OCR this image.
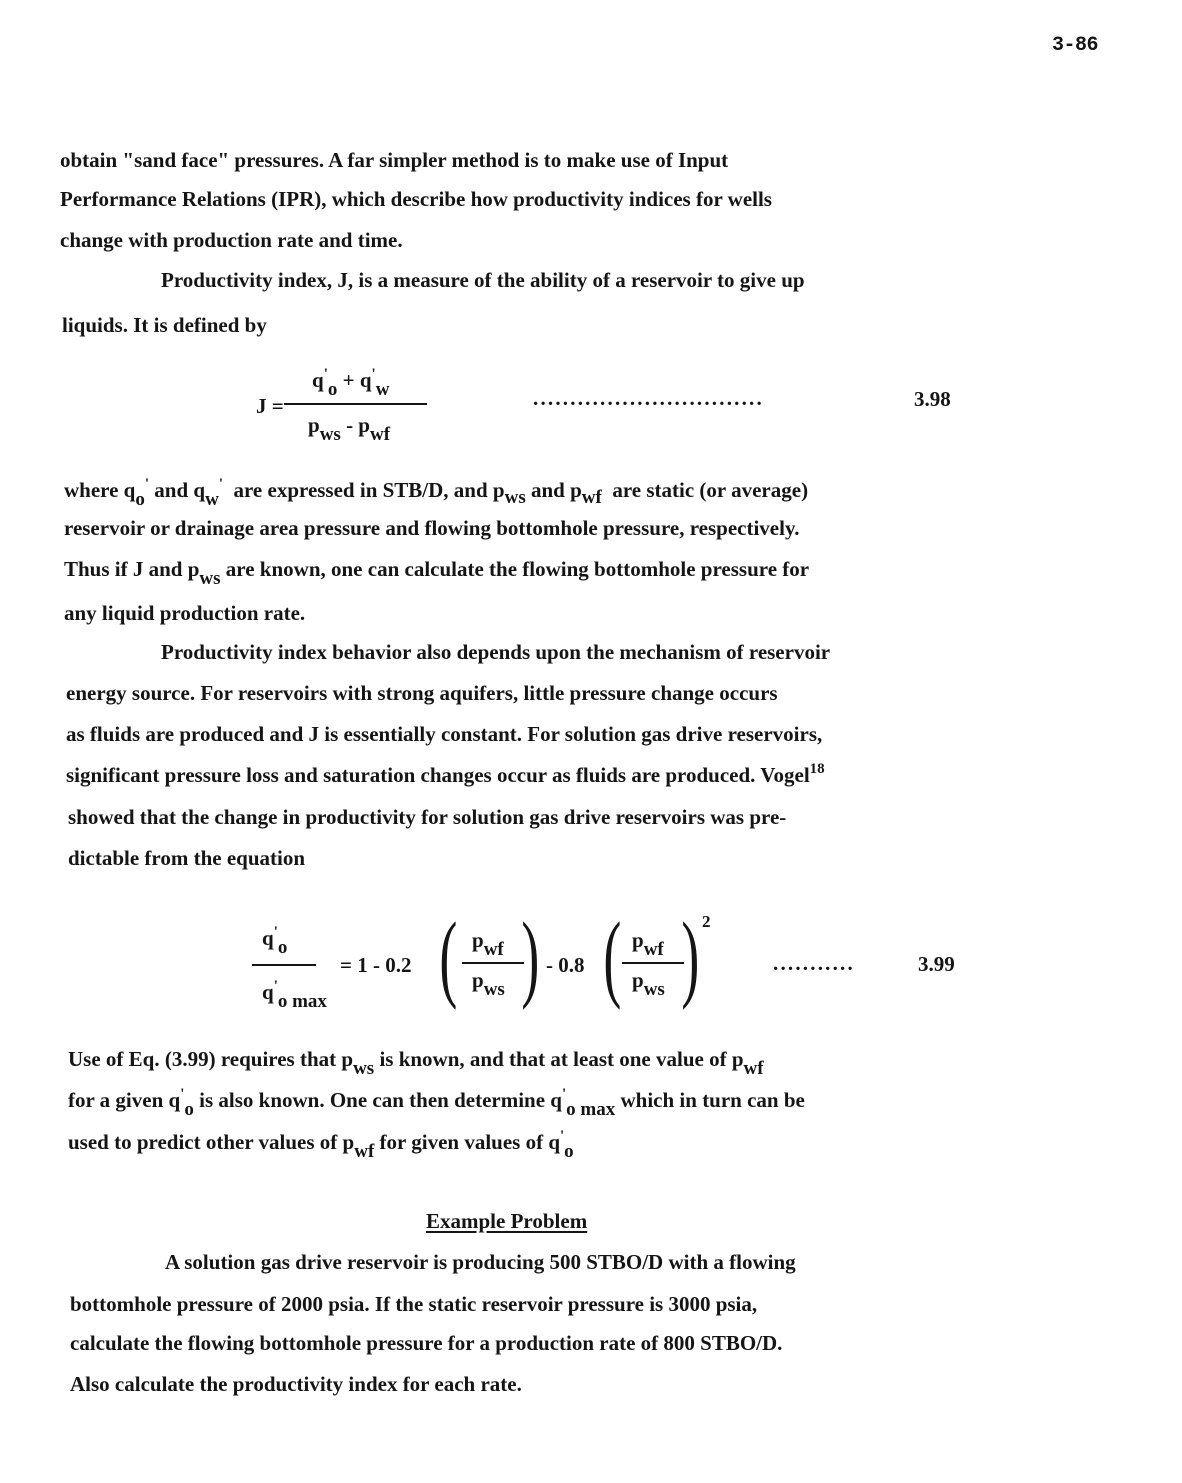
3-86
obtain "sand face" pressures. A far simpler method is to make use of Input
Performance Relations (IPR), which describe how productivity indices for wells
change with production rate and time.
Productivity index, J, is a measure of the ability of a reservoir to give up
liquids. It is defined by
J =
q'o + q'w
pws - pwf
...............................	3.98
where qo' and qw' are expressed in STB/D, and pws and pwf are static (or average)
reservoir or drainage area pressure and flowing bottomhole pressure, respectively.
Thus if J and pws are known, one can calculate the flowing bottomhole pressure for
any liquid production rate.
Productivity index behavior also depends upon the mechanism of reservoir
energy source. For reservoirs with strong aquifers, little pressure change occurs
as fluids are produced and J is essentially constant. For solution gas drive reservoirs,
significant pressure loss and saturation changes occur as fluids are produced. Vogel18
showed that the change in productivity for solution gas drive reservoirs was pre-
dictable from the equation
q'o
q'o max
= 1 - 0.2 ( pwf
pws ) - 0.8 ( pwf
pws ) 2
...........	3.99
Use of Eq. (3.99) requires that pws is known, and that at least one value of pwf
for a given q'o is also known. One can then determine q'o max which in turn can be
used to predict other values of pwf for given values of q'o
Example Problem
A solution gas drive reservoir is producing 500 STBO/D with a flowing
bottomhole pressure of 2000 psia. If the static reservoir pressure is 3000 psia,
calculate the flowing bottomhole pressure for a production rate of 800 STBO/D.
Also calculate the productivity index for each rate.
